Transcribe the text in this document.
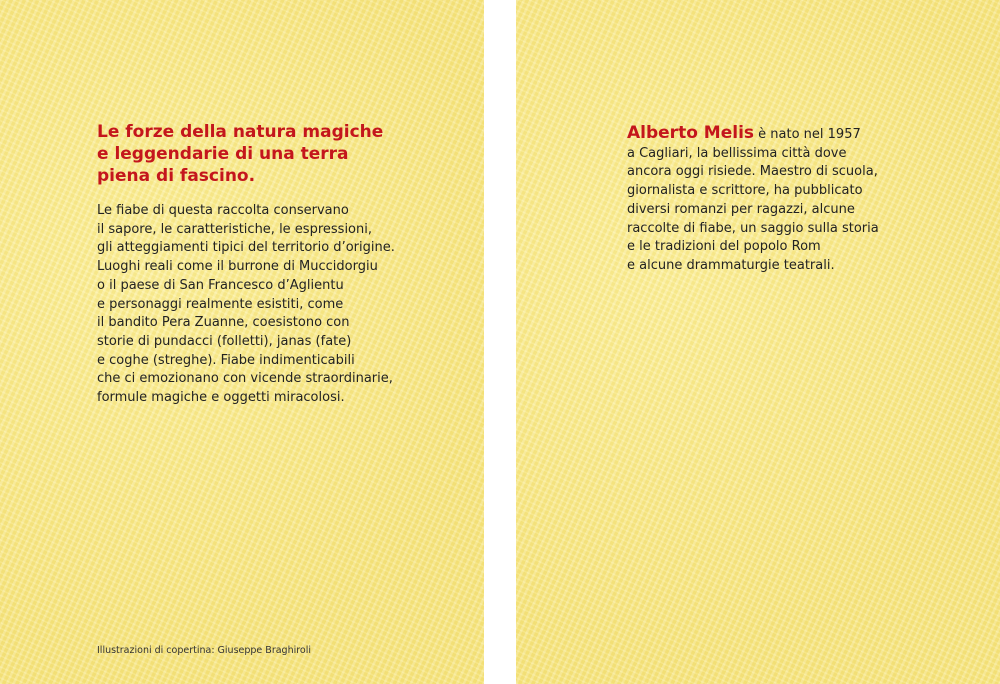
Le forze della natura magiche
e leggendarie di una terra
piena di fascino.

Le fiabe di questa raccolta conservano
il sapore, le caratteristiche, le espressioni,
gli atteggiamenti tipici del territorio d’origine.
Luoghi reali come il burrone di Muccidorgiu
o il paese di San Francesco d’Aglientu
e personaggi realmente esistiti, come
il bandito Pera Zuanne, coesistono con
storie di pundacci (folletti), janas (fate)
e coghe (streghe). Fiabe indimenticabili
che ci emozionano con vicende straordinarie,
formule magiche e oggetti miracolosi.

Illustrazioni di copertina: Giuseppe Braghiroli

Alberto Melis è nato nel 1957
a Cagliari, la bellissima città dove
ancora oggi risiede. Maestro di scuola,
giornalista e scrittore, ha pubblicato
diversi romanzi per ragazzi, alcune
raccolte di fiabe, un saggio sulla storia
e le tradizioni del popolo Rom
e alcune drammaturgie teatrali.
